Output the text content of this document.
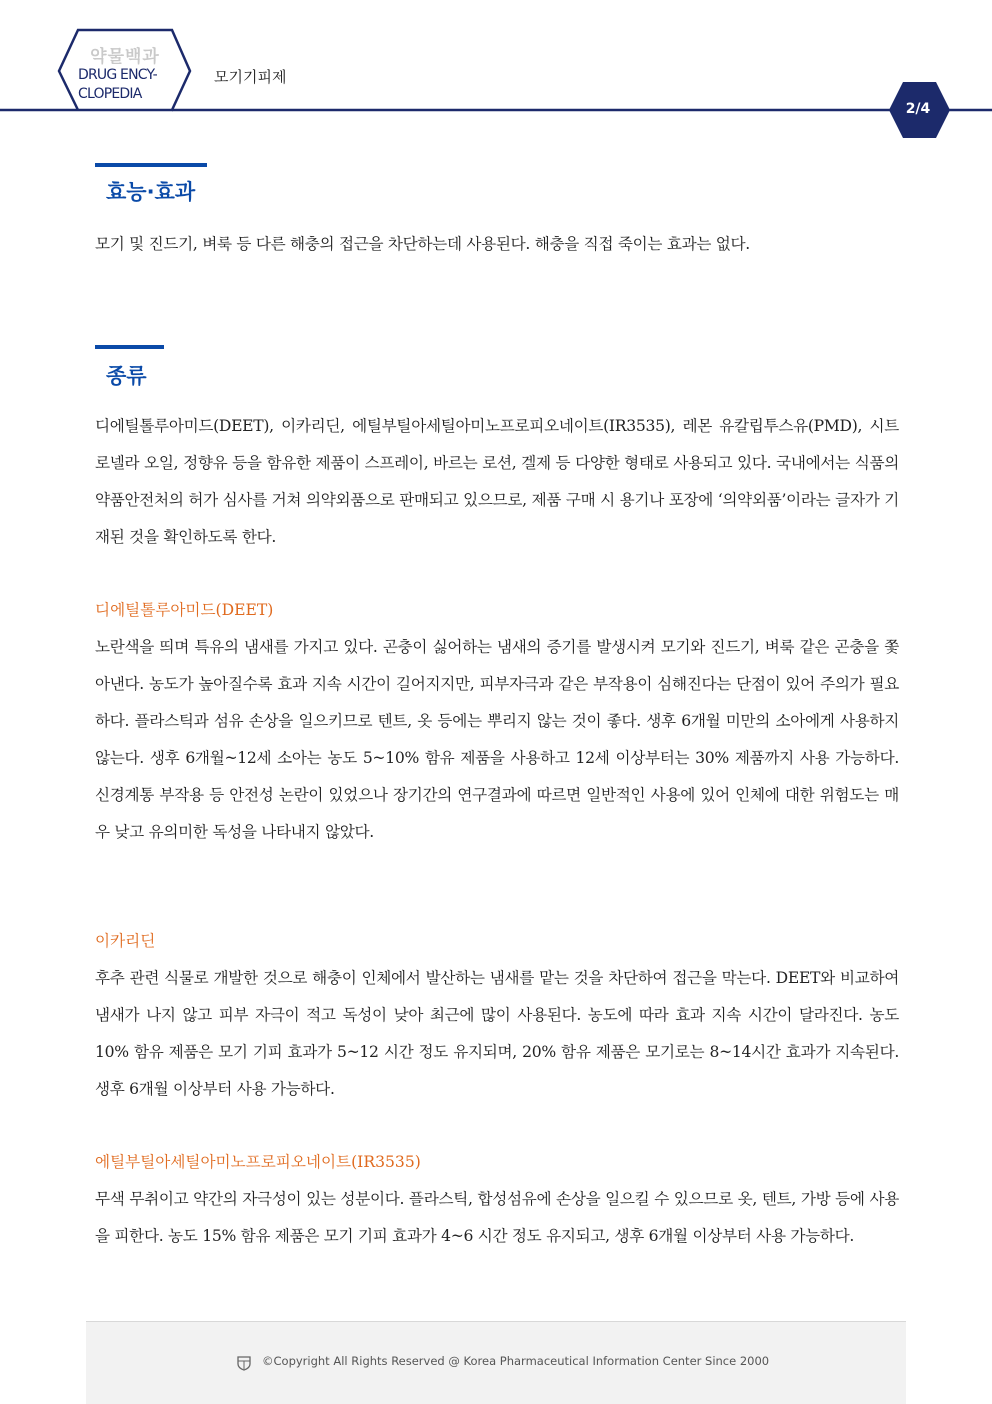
약물백과
DRUG ENCY-
CLOPEDIA
모기기피제
2/4
효능·효과

모기 및 진드기, 벼룩 등 다른 해충의 접근을 차단하는데 사용된다. 해충을 직접 죽이는 효과는 없다.

종류

디에틸톨루아미드(DEET), 이카리딘, 에틸부틸아세틸아미노프로피오네이트(IR3535), 레몬 유칼립투스유(PMD), 시트로넬라 오일, 정향유 등을 함유한 제품이 스프레이, 바르는 로션, 겔제 등 다양한 형태로 사용되고 있다. 국내에서는 식품의약품안전처의 허가 심사를 거쳐 의약외품으로 판매되고 있으므로, 제품 구매 시 용기나 포장에 ‘의약외품’이라는 글자가 기재된 것을 확인하도록 한다.

디에틸톨루아미드(DEET)

노란색을 띄며 특유의 냄새를 가지고 있다. 곤충이 싫어하는 냄새의 증기를 발생시켜 모기와 진드기, 벼룩 같은 곤충을 쫓아낸다. 농도가 높아질수록 효과 지속 시간이 길어지지만, 피부자극과 같은 부작용이 심해진다는 단점이 있어 주의가 필요하다. 플라스틱과 섬유 손상을 일으키므로 텐트, 옷 등에는 뿌리지 않는 것이 좋다. 생후 6개월 미만의 소아에게 사용하지 않는다. 생후 6개월~12세 소아는 농도 5~10% 함유 제품을 사용하고 12세 이상부터는 30% 제품까지 사용 가능하다. 신경계통 부작용 등 안전성 논란이 있었으나 장기간의 연구결과에 따르면 일반적인 사용에 있어 인체에 대한 위험도는 매우 낮고 유의미한 독성을 나타내지 않았다.

이카리딘

후추 관련 식물로 개발한 것으로 해충이 인체에서 발산하는 냄새를 맡는 것을 차단하여 접근을 막는다. DEET와 비교하여 냄새가 나지 않고 피부 자극이 적고 독성이 낮아 최근에 많이 사용된다. 농도에 따라 효과 지속 시간이 달라진다. 농도 10% 함유 제품은 모기 기피 효과가 5~12 시간 정도 유지되며, 20% 함유 제품은 모기로는 8~14시간 효과가 지속된다. 생후 6개월 이상부터 사용 가능하다.

에틸부틸아세틸아미노프로피오네이트(IR3535)

무색 무취이고 약간의 자극성이 있는 성분이다. 플라스틱, 합성섬유에 손상을 일으킬 수 있으므로 옷, 텐트, 가방 등에 사용을 피한다. 농도 15% 함유 제품은 모기 기피 효과가 4~6 시간 정도 유지되고, 생후 6개월 이상부터 사용 가능하다.

©Copyright All Rights Reserved @ Korea Pharmaceutical Information Center Since 2000
